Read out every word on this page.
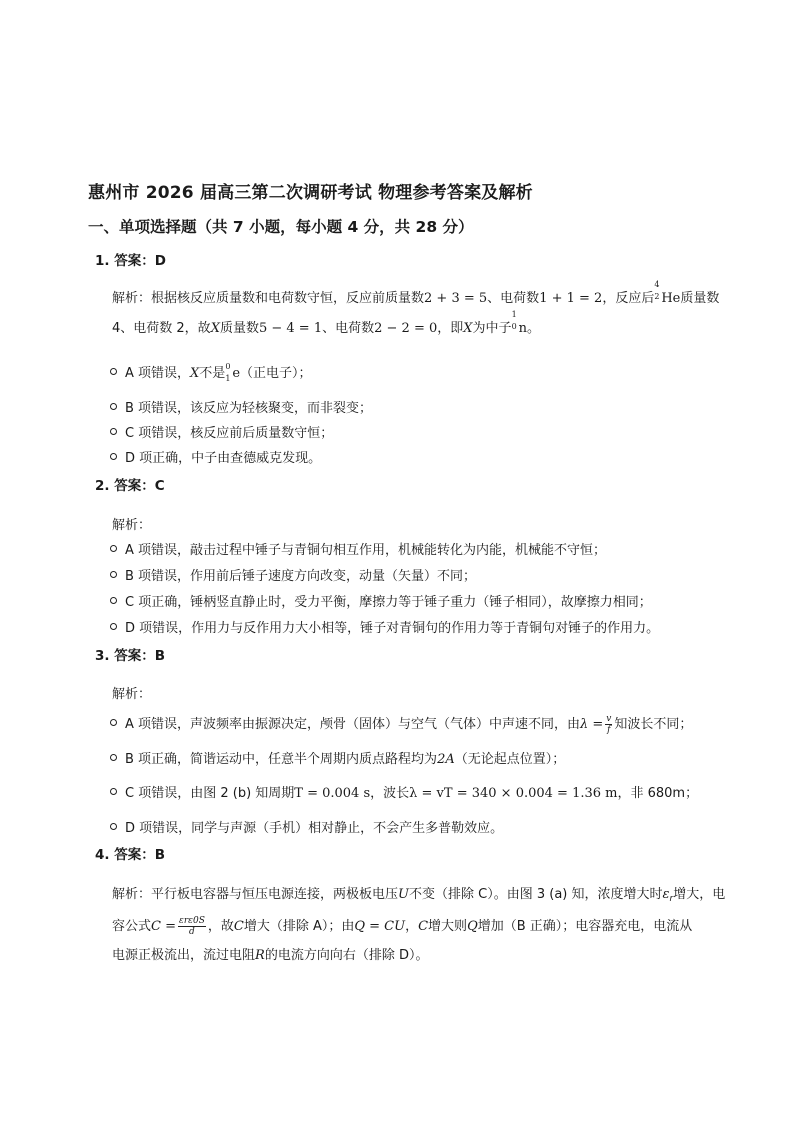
惠州市 2026 届高三第二次调研考试 物理参考答案及解析
一、单项选择题（共 7 小题，每小题 4 分，共 28 分）
1. 答案：D
解析：根据核反应质量数和电荷数守恒，反应前质量数2 + 3 = 5、电荷数1 + 1 = 2，反应后
4
2 He质量数
4、电荷数 2，故X质量数5 − 4 = 1、电荷数2 − 2 = 0，即X为中子
1
0 n。
A 项错误，X不是 0
1 e（正电子）；
B 项错误，该反应为轻核聚变，而非裂变；
C 项错误，核反应前后质量数守恒；
D 项正确，中子由查德威克发现。
2. 答案：C
解析：
A 项错误，敲击过程中锤子与青铜句相互作用，机械能转化为内能，机械能不守恒；
B 项错误，作用前后锤子速度方向改变，动量（矢量）不同；
C 项正确，锤柄竖直静止时，受力平衡，摩擦力等于锤子重力（锤子相同），故摩擦力相同；
D 项错误，作用力与反作用力大小相等，锤子对青铜句的作用力等于青铜句对锤子的作用力。
3. 答案：B
解析：
A 项错误，声波频率由振源决定，颅骨（固体）与空气（气体）中声速不同，由$\lambda = \frac{v}{f}$ 知波长不同；
B 项正确，简谐运动中，任意半个周期内质点路程均为2A（无论起点位置）；
C 项错误，由图 2 (b) 知周期T = 0.004 s，波长λ = vT = 340 × 0.004 = 1.36 m，非 680m；
D 项错误，同学与声源（手机）相对静止，不会产生多普勒效应。
4. 答案：B
解析：平行板电容器与恒压电源连接，两极板电压U不变（排除 C）。由图 3 (a) 知，浓度增大时$\varepsilon_r$增大，电
容公式$C = \frac{\text{εrε0S}}{d}$ ，故C增大（排除 A）；由Q = CU，C增大则Q增加（B 正确）；电容器充电，电流从
电源正极流出，流过电阻R的电流方向向右（排除 D）。
